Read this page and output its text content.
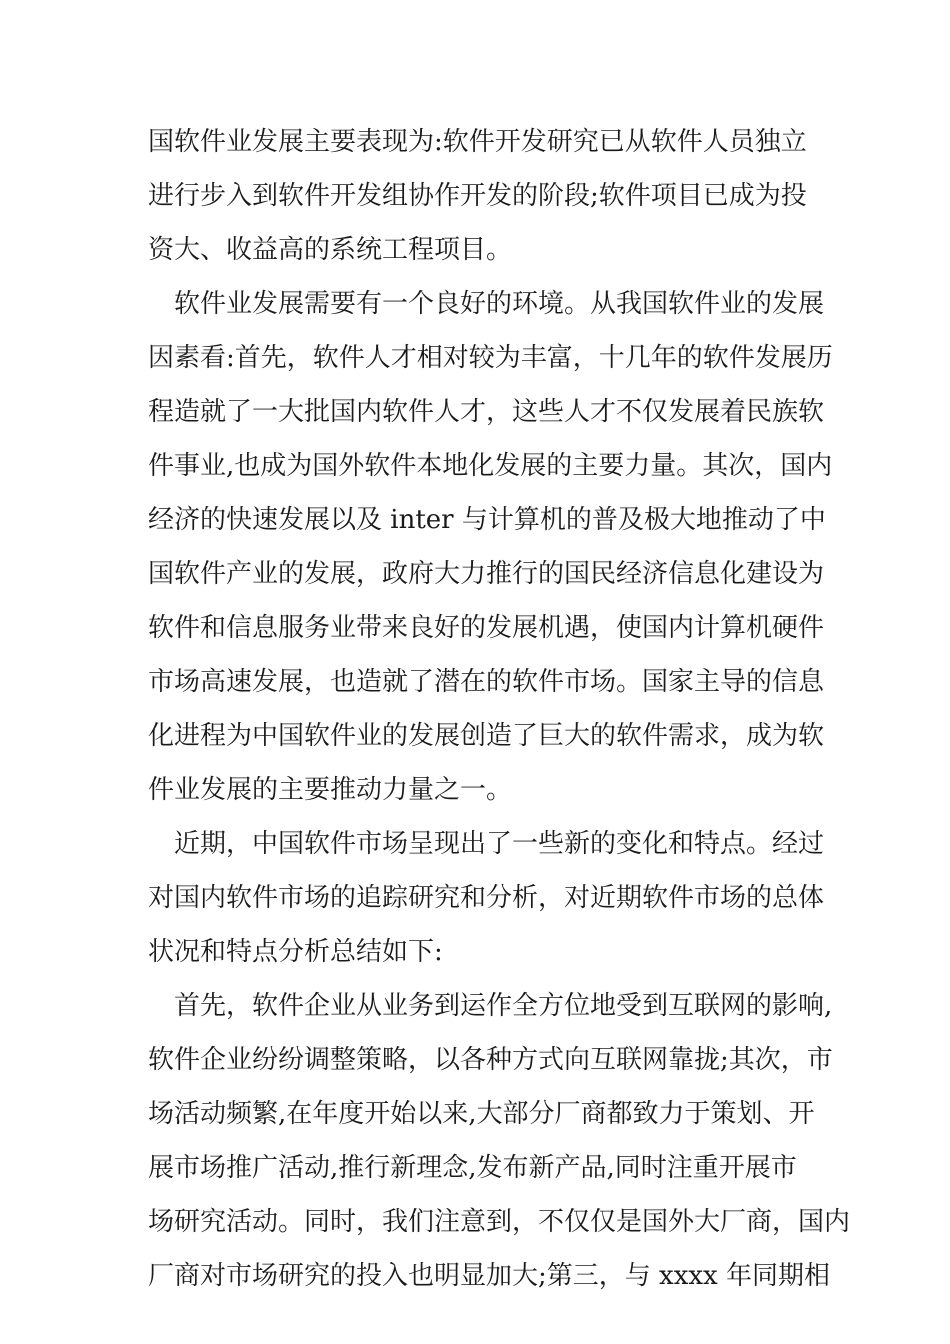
国软件业发展主要表现为:软件开发研究已从软件人员独立
进行步入到软件开发组协作开发的阶段;软件项目已成为投
资大、收益高的系统工程项目。
　软件业发展需要有一个良好的环境。从我国软件业的发展
因素看:首先，软件人才相对较为丰富，十几年的软件发展历
程造就了一大批国内软件人才，这些人才不仅发展着民族软
件事业,也成为国外软件本地化发展的主要力量。其次，国内
经济的快速发展以及 inter 与计算机的普及极大地推动了中
国软件产业的发展，政府大力推行的国民经济信息化建设为
软件和信息服务业带来良好的发展机遇，使国内计算机硬件
市场高速发展，也造就了潜在的软件市场。国家主导的信息
化进程为中国软件业的发展创造了巨大的软件需求，成为软
件业发展的主要推动力量之一。
　近期，中国软件市场呈现出了一些新的变化和特点。经过
对国内软件市场的追踪研究和分析，对近期软件市场的总体
状况和特点分析总结如下:
　首先，软件企业从业务到运作全方位地受到互联网的影响,
软件企业纷纷调整策略，以各种方式向互联网靠拢;其次，市
场活动频繁,在年度开始以来,大部分厂商都致力于策划、开
展市场推广活动,推行新理念,发布新产品,同时注重开展市
场研究活动。同时，我们注意到，不仅仅是国外大厂商，国内
厂商对市场研究的投入也明显加大;第三，与 xxxx 年同期相
